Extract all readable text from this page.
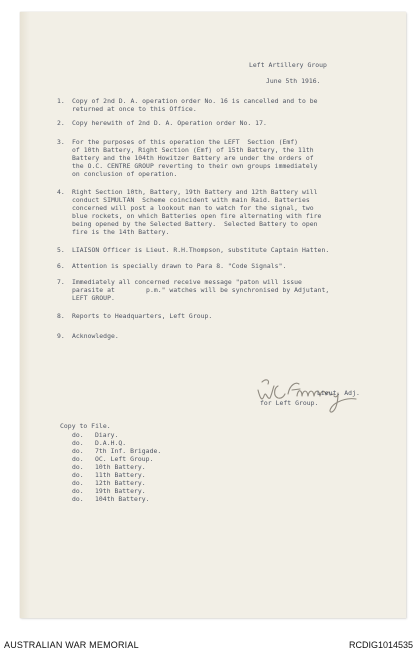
Left Artillery Group
June 5th 1916.
1. Copy of 2nd D. A. operation order No. 16 is cancelled and to be
returned at once to this Office.
2. Copy herewith of 2nd D. A. Operation order No. 17.
3. For the purposes of this operation the LEFT  Section (Emf)
of 10th Battery, Right Section (Emf) of 15th Battery, the 11th
Battery and the 104th Howitzer Battery are under the orders of
the O.C. CENTRE GROUP reverting to their own groups immediately
on conclusion of operation.
4. Right Section 10th, Battery, 19th Battery and 12th Battery will
conduct SIMULTAN  Scheme coincident with main Raid. Batteries
concerned will post a lookout man to watch for the signal, two
blue rockets, on which Batteries open fire alternating with fire
being opened by the Selected Battery.  Selected Battery to open
fire is the 14th Battery.
5. LIAISON Officer is Lieut. R.H.Thompson, substitute Captain Hatten.
6. Attention is specially drawn to Para 8. "Code Signals".
7. Immediately all concerned receive message "paton will issue
parasite at        p.m." watches will be synchronised by Adjutant,
LEFT GROUP.
8. Reports to Headquarters, Left Group.
9. Acknowledge.
Lieut. Adj.
for Left Group.
Copy to File.
do. Diary.
do. D.A.H.Q.
do. 7th Inf. Brigade.
do. OC. Left Group.
do. 10th Battery.
do. 11th Battery.
do. 12th Battery.
do. 19th Battery.
do. 104th Battery.
AUSTRALIAN WAR MEMORIAL	RCDIG1014535
